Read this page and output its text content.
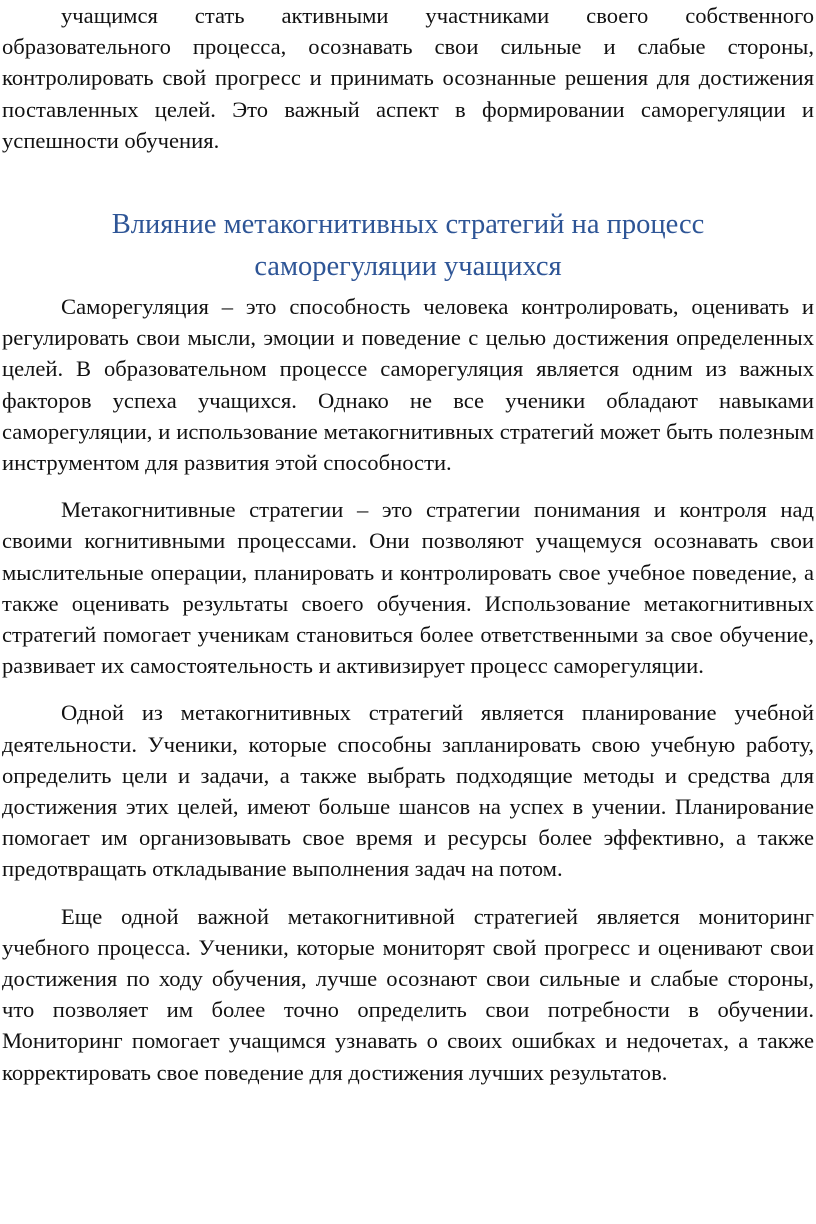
учащимся стать активными участниками своего собственного образовательного процесса, осознавать свои сильные и слабые стороны, контролировать свой прогресс и принимать осознанные решения для достижения поставленных целей. Это важный аспект в формировании саморегуляции и успешности обучения.

Влияние метакогнитивных стратегий на процесс саморегуляции учащихся

Саморегуляция – это способность человека контролировать, оценивать и регулировать свои мысли, эмоции и поведение с целью достижения определенных целей. В образовательном процессе саморегуляция является одним из важных факторов успеха учащихся. Однако не все ученики обладают навыками саморегуляции, и использование метакогнитивных стратегий может быть полезным инструментом для развития этой способности.

Метакогнитивные стратегии – это стратегии понимания и контроля над своими когнитивными процессами. Они позволяют учащемуся осознавать свои мыслительные операции, планировать и контролировать свое учебное поведение, а также оценивать результаты своего обучения. Использование метакогнитивных стратегий помогает ученикам становиться более ответственными за свое обучение, развивает их самостоятельность и активизирует процесс саморегуляции.

Одной из метакогнитивных стратегий является планирование учебной деятельности. Ученики, которые способны запланировать свою учебную работу, определить цели и задачи, а также выбрать подходящие методы и средства для достижения этих целей, имеют больше шансов на успех в учении. Планирование помогает им организовывать свое время и ресурсы более эффективно, а также предотвращать откладывание выполнения задач на потом.

Еще одной важной метакогнитивной стратегией является мониторинг учебного процесса. Ученики, которые мониторят свой прогресс и оценивают свои достижения по ходу обучения, лучше осознают свои сильные и слабые стороны, что позволяет им более точно определить свои потребности в обучении. Мониторинг помогает учащимся узнавать о своих ошибках и недочетах, а также корректировать свое поведение для достижения лучших результатов.
